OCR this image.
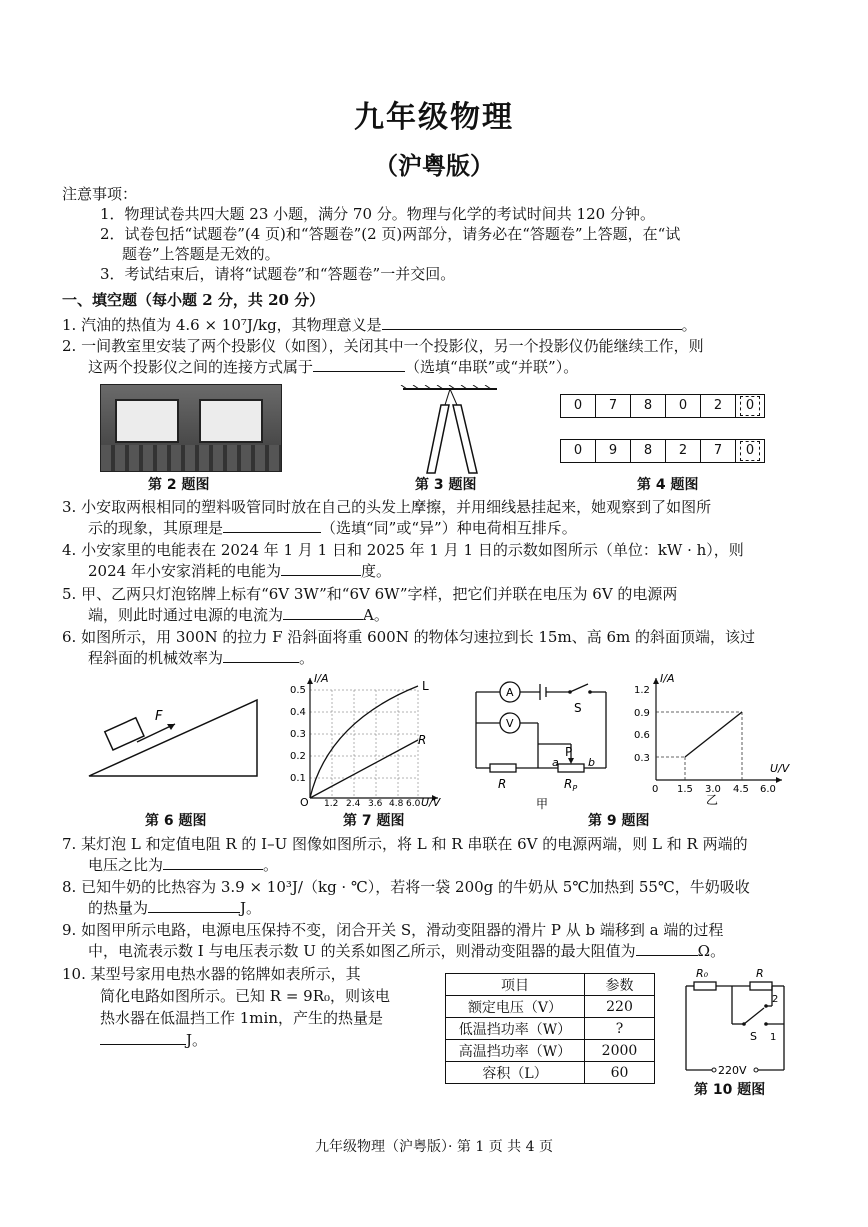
九年级物理
（沪粤版）
注意事项：
1．物理试卷共四大题 23 小题，满分 70 分。物理与化学的考试时间共 120 分钟。
2．试卷包括“试题卷”(4 页)和“答题卷”(2 页)两部分，请务必在“答题卷”上答题，在“试
题卷”上答题是无效的。
3．考试结束后，请将“试题卷”和“答题卷”一并交回。
一、填空题（每小题 2 分，共 20 分）
1. 汽油的热值为 4.6 × 10⁷J/kg，其物理意义是	。
2. 一间教室里安装了两个投影仪（如图），关闭其中一个投影仪，另一个投影仪仍能继续工作，则
这两个投影仪之间的连接方式属于	（选填“串联”或“并联”）。
第 2 题图	第 3 题图
0	7	8	0	2	0
0	9	8	2	7	0
第 4 题图
3. 小安取两根相同的塑料吸管同时放在自己的头发上摩擦，并用细线悬挂起来，她观察到了如图所
示的现象，其原理是	（选填“同”或“异”）种电荷相互排斥。
4. 小安家里的电能表在 2024 年 1 月 1 日和 2025 年 1 月 1 日的示数如图所示（单位：kW · h），则
2024 年小安家消耗的电能为	度。
5. 甲、乙两只灯泡铭牌上标有“6V 3W”和“6V 6W”字样，把它们并联在电压为 6V 的电源两
端，则此时通过电源的电流为	A。
6. 如图所示，用 300N 的拉力 F 沿斜面将重 600N 的物体匀速拉到长 15m、高 6m 的斜面顶端，该过
程斜面的机械效率为	。
F
第 6 题图
I/A
U/V
0.5
0.4
0.3
0.2
0.1
O 1.2 2.4 3.6 4.8 6.0
L
R
第 7 题图
A
V
S
P
a	b
R	$R_P$
甲
I/A
U/V
1.2
0.9
0.6
0.3
0 1.5 3.0 4.5 6.0
乙
第 9 题图
7. 某灯泡 L 和定值电阻 R 的 I–U 图像如图所示，将 L 和 R 串联在 6V 的电源两端，则 L 和 R 两端的
电压之比为	。
8. 已知牛奶的比热容为 3.9 × 10³J/（kg · ℃），若将一袋 200g 的牛奶从 5℃加热到 55℃，牛奶吸收
的热量为	J。
9. 如图甲所示电路，电源电压保持不变，闭合开关 S，滑动变阻器的滑片 P 从 b 端移到 a 端的过程
中，电流表示数 I 与电压表示数 U 的关系如图乙所示，则滑动变阻器的最大阻值为	Ω。
10. 某型号家用电热水器的铭牌如表所示，其
简化电路如图所示。已知 R = 9R₀，则该电
热水器在低温挡工作 1min，产生的热量是
J。
项目	参数
额定电压（V）	220
低温挡功率（W）	?
高温挡功率（W）	2000
容积（L）	60
R₀	R
2
S 1
220V
第 10 题图
九年级物理（沪粤版）· 第 1 页 共 4 页
